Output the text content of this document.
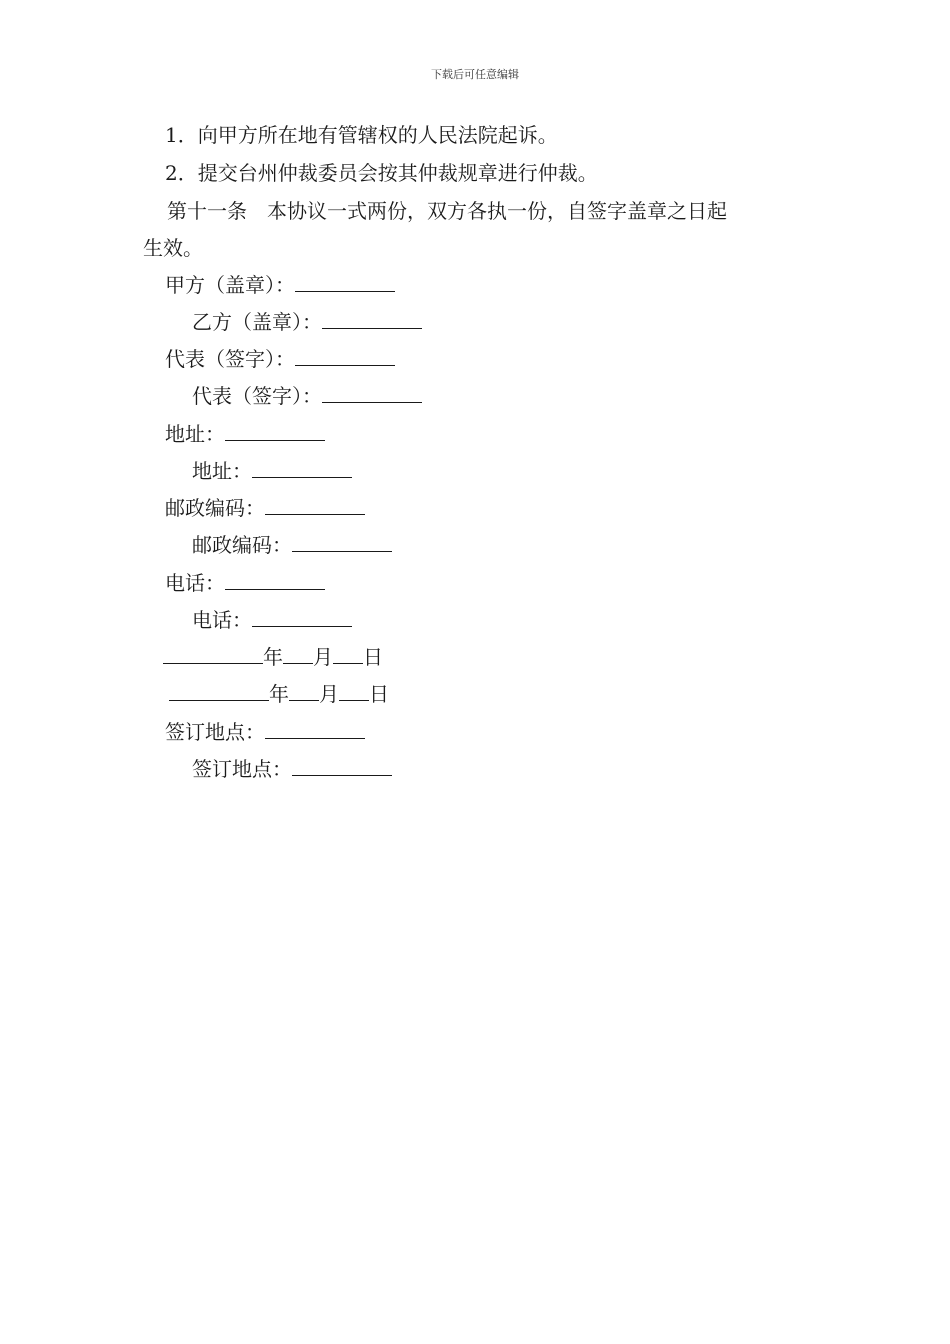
下载后可任意编辑
1．向甲方所在地有管辖权的人民法院起诉。
2．提交台州仲裁委员会按其仲裁规章进行仲裁。
第十一条　本协议一式两份，双方各执一份，自签字盖章之日起
生效。
甲方（盖章）：
乙方（盖章）：
代表（签字）：
代表（签字）：
地址：
地址：
邮政编码：
邮政编码：
电话：
电话：
年 月 日
年 月 日
签订地点：
签订地点：
